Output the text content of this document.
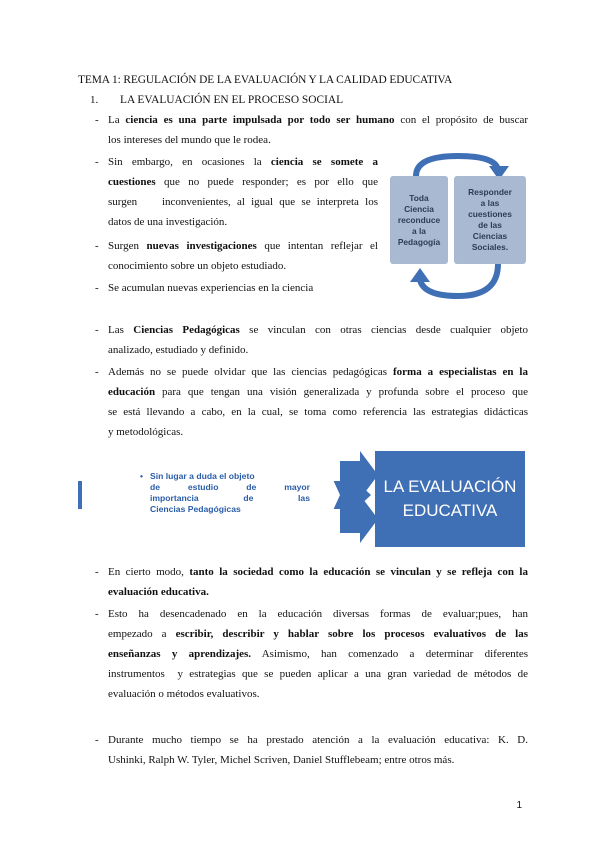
TEMA 1: REGULACIÓN DE LA EVALUACIÓN Y LA CALIDAD EDUCATIVA
1. LA EVALUACIÓN EN EL PROCESO SOCIAL
- La ciencia es una parte impulsada por todo ser humano con el propósito de buscar
los intereses del mundo que le rodea.
- Sin embargo, en ocasiones la ciencia se somete a
cuestiones que no puede responder; es por ello que
surgen    inconvenientes, al igual que se interpreta los
datos de una investigación.
- Surgen nuevas investigaciones que intentan reflejar el
conocimiento sobre un objeto estudiado.
- Se acumulan nuevas experiencias en la ciencia
Toda
Ciencia
reconduce
a la
Pedagogía
Responder
a las
cuestiones
de las
Ciencias
Sociales.
- Las Ciencias Pedagógicas se vinculan con otras ciencias desde cualquier objeto
analizado, estudiado y definido.
- Además no se puede olvidar que las ciencias pedagógicas forma a especialistas en la
educación para que tengan una visión generalizada y profunda sobre el proceso que
se está llevando a cabo, en la cual, se toma como referencia las estrategias didácticas
y metodológicas.
• Sin lugar a duda el objeto
de estudio de mayor
importancia de las
Ciencias Pedagógicas
LA EVALUACIÓN
EDUCATIVA
- En cierto modo, tanto la sociedad como la educación se vinculan y se refleja con la
evaluación educativa.
- Esto ha desencadenado en la educación diversas formas de evaluar;pues, han
empezado a escribir, describir y hablar sobre los procesos evaluativos de las
enseñanzas y aprendizajes. Asimismo, han comenzado a determinar diferentes
instrumentos  y estrategias que se pueden aplicar a una gran variedad de métodos de
evaluación o métodos evaluativos.
- Durante mucho tiempo se ha prestado atención a la evaluación educativa: K. D.
Ushinki, Ralph W. Tyler, Michel Scriven, Daniel Stufflebeam; entre otros más.
1
